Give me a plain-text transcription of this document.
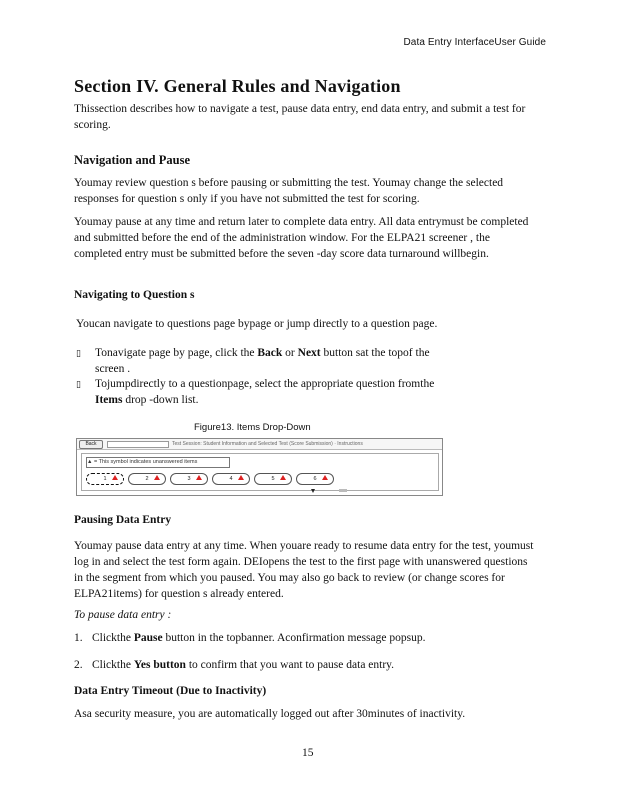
Data Entry InterfaceUser Guide
Section IV. General Rules and Navigation
Thissection describes how to navigate a test, pause data entry, end data entry, and submit a test for scoring.
Navigation and Pause
Youmay review question s before pausing or submitting the test. Youmay change the selected responses for question s only if you have not submitted the test for scoring.
Youmay pause at any time and return later to complete data entry. All data entrymust be completed and submitted before the end of the administration window. For the ELPA21 screener , the completed entry must be submitted before the seven -day score data turnaround willbegin.
Navigating to Question s
Youcan navigate to questions page bypage or jump directly to a question page.
▯ Tonavigate page by page, click the Back or Next button sat the topof the screen .
▯ Tojumpdirectly to a questionpage, select the appropriate question fromthe Items drop -down list.
Figure13. Items Drop-Down
Back	Test Session: Student Information and Selected Test (Score Submission) · Instructions
▲ = This symbol indicates unanswered items
1	2	3	4	5	6
Pausing Data Entry
Youmay pause data entry at any time. When youare ready to resume data entry for the test, youmust log in and select the test form again. DEIopens the test to the first page with unanswered questions in the segment from which you paused. You may also go back to review (or change scores for ELPA21items) for question s already entered.
To pause data entry :
1. Clickthe Pause button in the topbanner. Aconfirmation message popsup.
2. Clickthe Yes button to confirm that you want to pause data entry.
Data Entry Timeout (Due to Inactivity)
Asa security measure, you are automatically logged out after 30minutes of inactivity.
15
